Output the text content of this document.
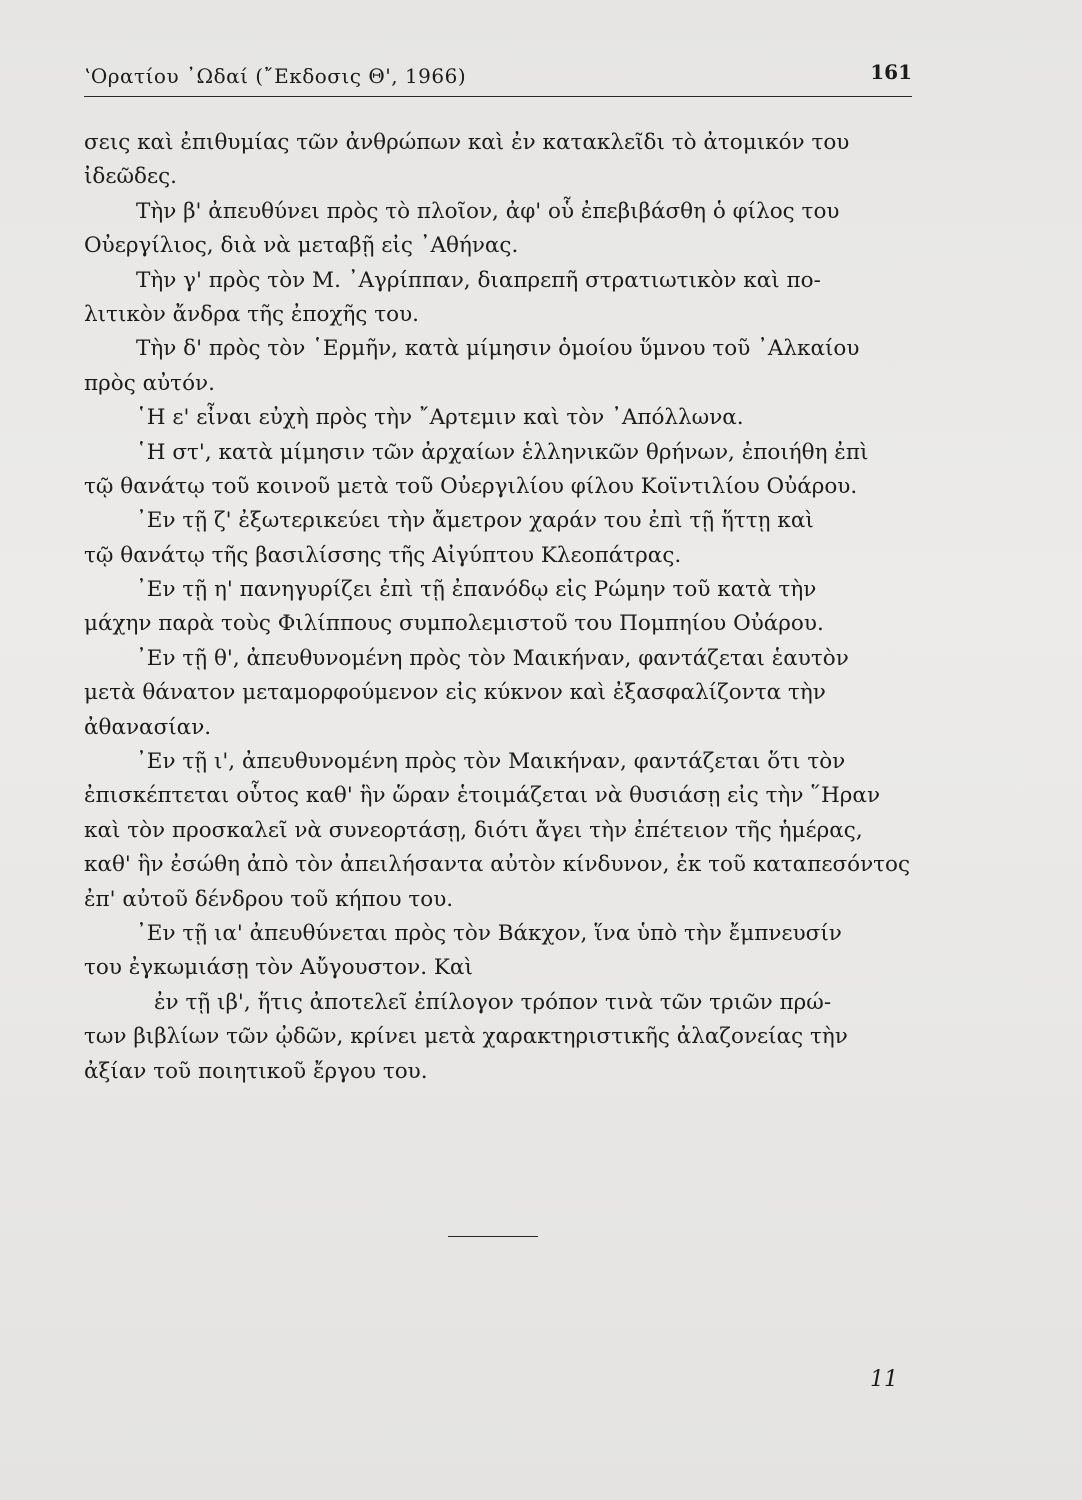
ʽΟρατίου ᾿Ωδαί (῎Εκδοσις Θ', 1966)	161
σεις καὶ ἐπιθυμίας τῶν ἀνθρώπων καὶ ἐν κατακλεῖδι τὸ ἀτομικόν του
ἰδεῶδες.
Τὴν β' ἀπευθύνει πρὸς τὸ πλοῖον, ἀφ' οὗ ἐπεβιβάσθη ὁ φίλος του
Οὐεργίλιος, διὰ νὰ μεταβῇ εἰς ᾿Αθήνας.
Τὴν γ' πρὸς τὸν Μ. ᾿Αγρίππαν, διαπρεπῆ στρατιωτικὸν καὶ πο-
λιτικὸν ἄνδρα τῆς ἐποχῆς του.
Τὴν δ' πρὸς τὸν ῾Ερμῆν, κατὰ μίμησιν ὁμοίου ὕμνου τοῦ ᾿Αλκαίου
πρὸς αὐτόν.
῾Η ε' εἶναι εὐχὴ πρὸς τὴν ῎Αρτεμιν καὶ τὸν ᾿Απόλλωνα.
῾Η στ', κατὰ μίμησιν τῶν ἀρχαίων ἑλληνικῶν θρήνων, ἐποιήθη ἐπὶ
τῷ θανάτῳ τοῦ κοινοῦ μετὰ τοῦ Οὐεργιλίου φίλου Κοϊντιλίου Οὐάρου.
᾿Εν τῇ ζ' ἐξωτερικεύει τὴν ἄμετρον χαράν του ἐπὶ τῇ ἥττῃ καὶ
τῷ θανάτῳ τῆς βασιλίσσης τῆς Αἰγύπτου Κλεοπάτρας.
᾿Εν τῇ η' πανηγυρίζει ἐπὶ τῇ ἐπανόδῳ εἰς Ρώμην τοῦ κατὰ τὴν
μάχην παρὰ τοὺς Φιλίππους συμπολεμιστοῦ του Πομπηίου Οὐάρου.
᾿Εν τῇ θ', ἀπευθυνομένη πρὸς τὸν Μαικήναν, φαντάζεται ἑαυτὸν
μετὰ θάνατον μεταμορφούμενον εἰς κύκνον καὶ ἐξασφαλίζοντα τὴν
ἀθανασίαν.
᾿Εν τῇ ι', ἀπευθυνομένη πρὸς τὸν Μαικήναν, φαντάζεται ὅτι τὸν
ἐπισκέπτεται οὗτος καθ' ἣν ὥραν ἑτοιμάζεται νὰ θυσιάσῃ εἰς τὴν ῞Ηραν
καὶ τὸν προσκαλεῖ νὰ συνεορτάσῃ, διότι ἄγει τὴν ἐπέτειον τῆς ἡμέρας,
καθ' ἣν ἐσώθη ἀπὸ τὸν ἀπειλήσαντα αὐτὸν κίνδυνον, ἐκ τοῦ καταπεσόντος
ἐπ' αὐτοῦ δένδρου τοῦ κήπου του.
᾿Εν τῇ ια' ἀπευθύνεται πρὸς τὸν Βάκχον, ἵνα ὑπὸ τὴν ἔμπνευσίν
του ἐγκωμιάσῃ τὸν Αὔγουστον. Καὶ
ἐν τῇ ιβ', ἥτις ἀποτελεῖ ἐπίλογον τρόπον τινὰ τῶν τριῶν πρώ-
των βιβλίων τῶν ᾠδῶν, κρίνει μετὰ χαρακτηριστικῆς ἀλαζονείας τὴν
ἀξίαν τοῦ ποιητικοῦ ἔργου του.
11
